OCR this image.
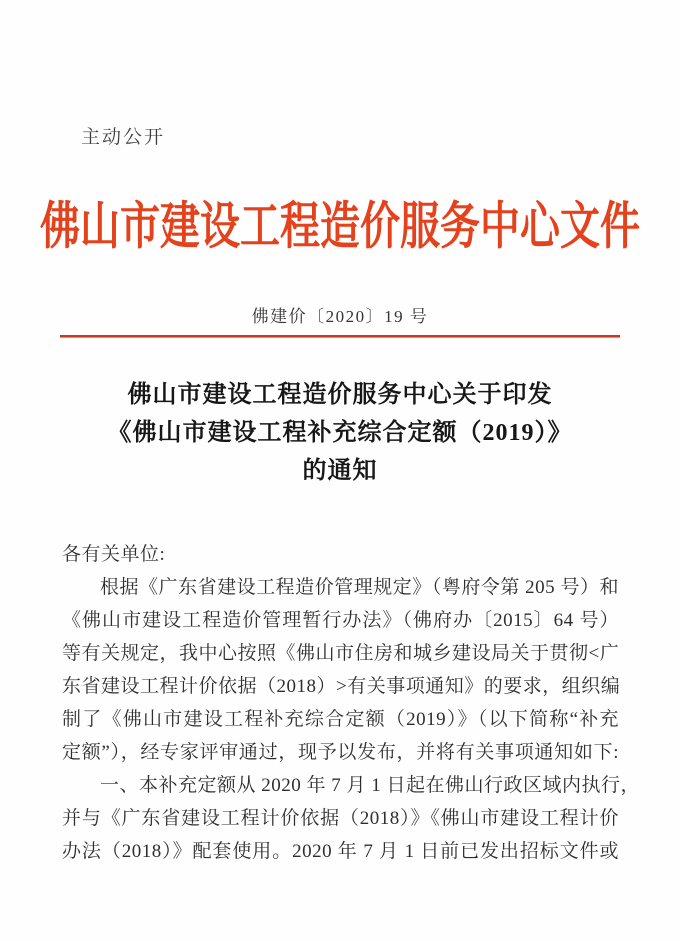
主动公开
佛山市建设工程造价服务中心文件
佛建价〔2020〕19 号
佛山市建设工程造价服务中心关于印发
《佛山市建设工程补充综合定额（2019）》
的通知
各有关单位:
根据《广东省建设工程造价管理规定》（粤府令第 205 号）和
《佛山市建设工程造价管理暂行办法》（佛府办〔2015〕64 号）
等有关规定，我中心按照《佛山市住房和城乡建设局关于贯彻<广
东省建设工程计价依据（2018）>有关事项通知》的要求，组织编
制了《佛山市建设工程补充综合定额（2019）》（以下简称“补充
定额”），经专家评审通过，现予以发布，并将有关事项通知如下:
一、本补充定额从 2020 年 7 月 1 日起在佛山行政区域内执行，
并与《广东省建设工程计价依据（2018）》《佛山市建设工程计价
办法（2018）》配套使用。2020 年 7 月 1 日前已发出招标文件或
